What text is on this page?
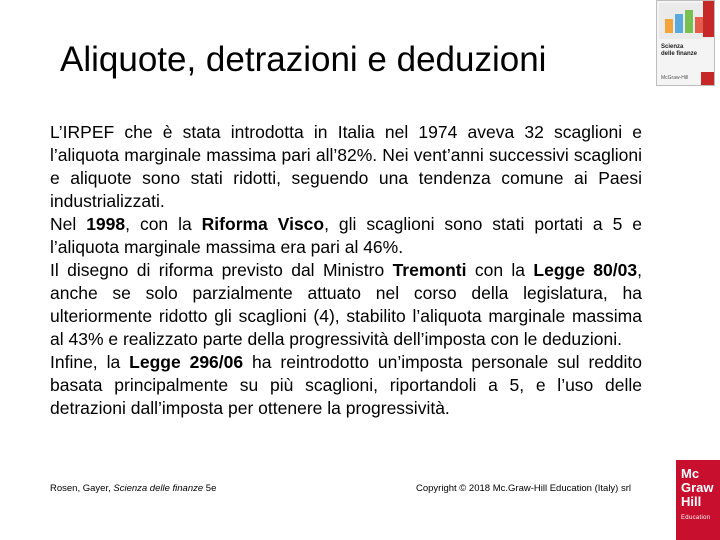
Aliquote, detrazioni e deduzioni	Scienza
delle finanze
McGraw-Hill

L’IRPEF che è stata introdotta in Italia nel 1974 aveva 32 scaglioni e l’aliquota marginale massima pari all’82%. Nei vent’anni successivi scaglioni e aliquote sono stati ridotti, seguendo una tendenza comune ai Paesi industrializzati.

Nel 1998, con la Riforma Visco, gli scaglioni sono stati portati a 5 e l’aliquota marginale massima era pari al 46%.

Il disegno di riforma previsto dal Ministro Tremonti con la Legge 80/03, anche se solo parzialmente attuato nel corso della legislatura, ha ulteriormente ridotto gli scaglioni (4), stabilito l’aliquota marginale massima al 43% e realizzato parte della progressività dell’imposta con le deduzioni.

Infine, la Legge 296/06 ha reintrodotto un’imposta personale sul reddito basata principalmente su più scaglioni, riportandoli a 5, e l’uso delle detrazioni dall’imposta per ottenere la progressività.

Rosen, Gayer, Scienza delle finanze 5e	Copyright © 2018 Mc.Graw-Hill Education (Italy) srl
Mc
Graw
Hill
Education
